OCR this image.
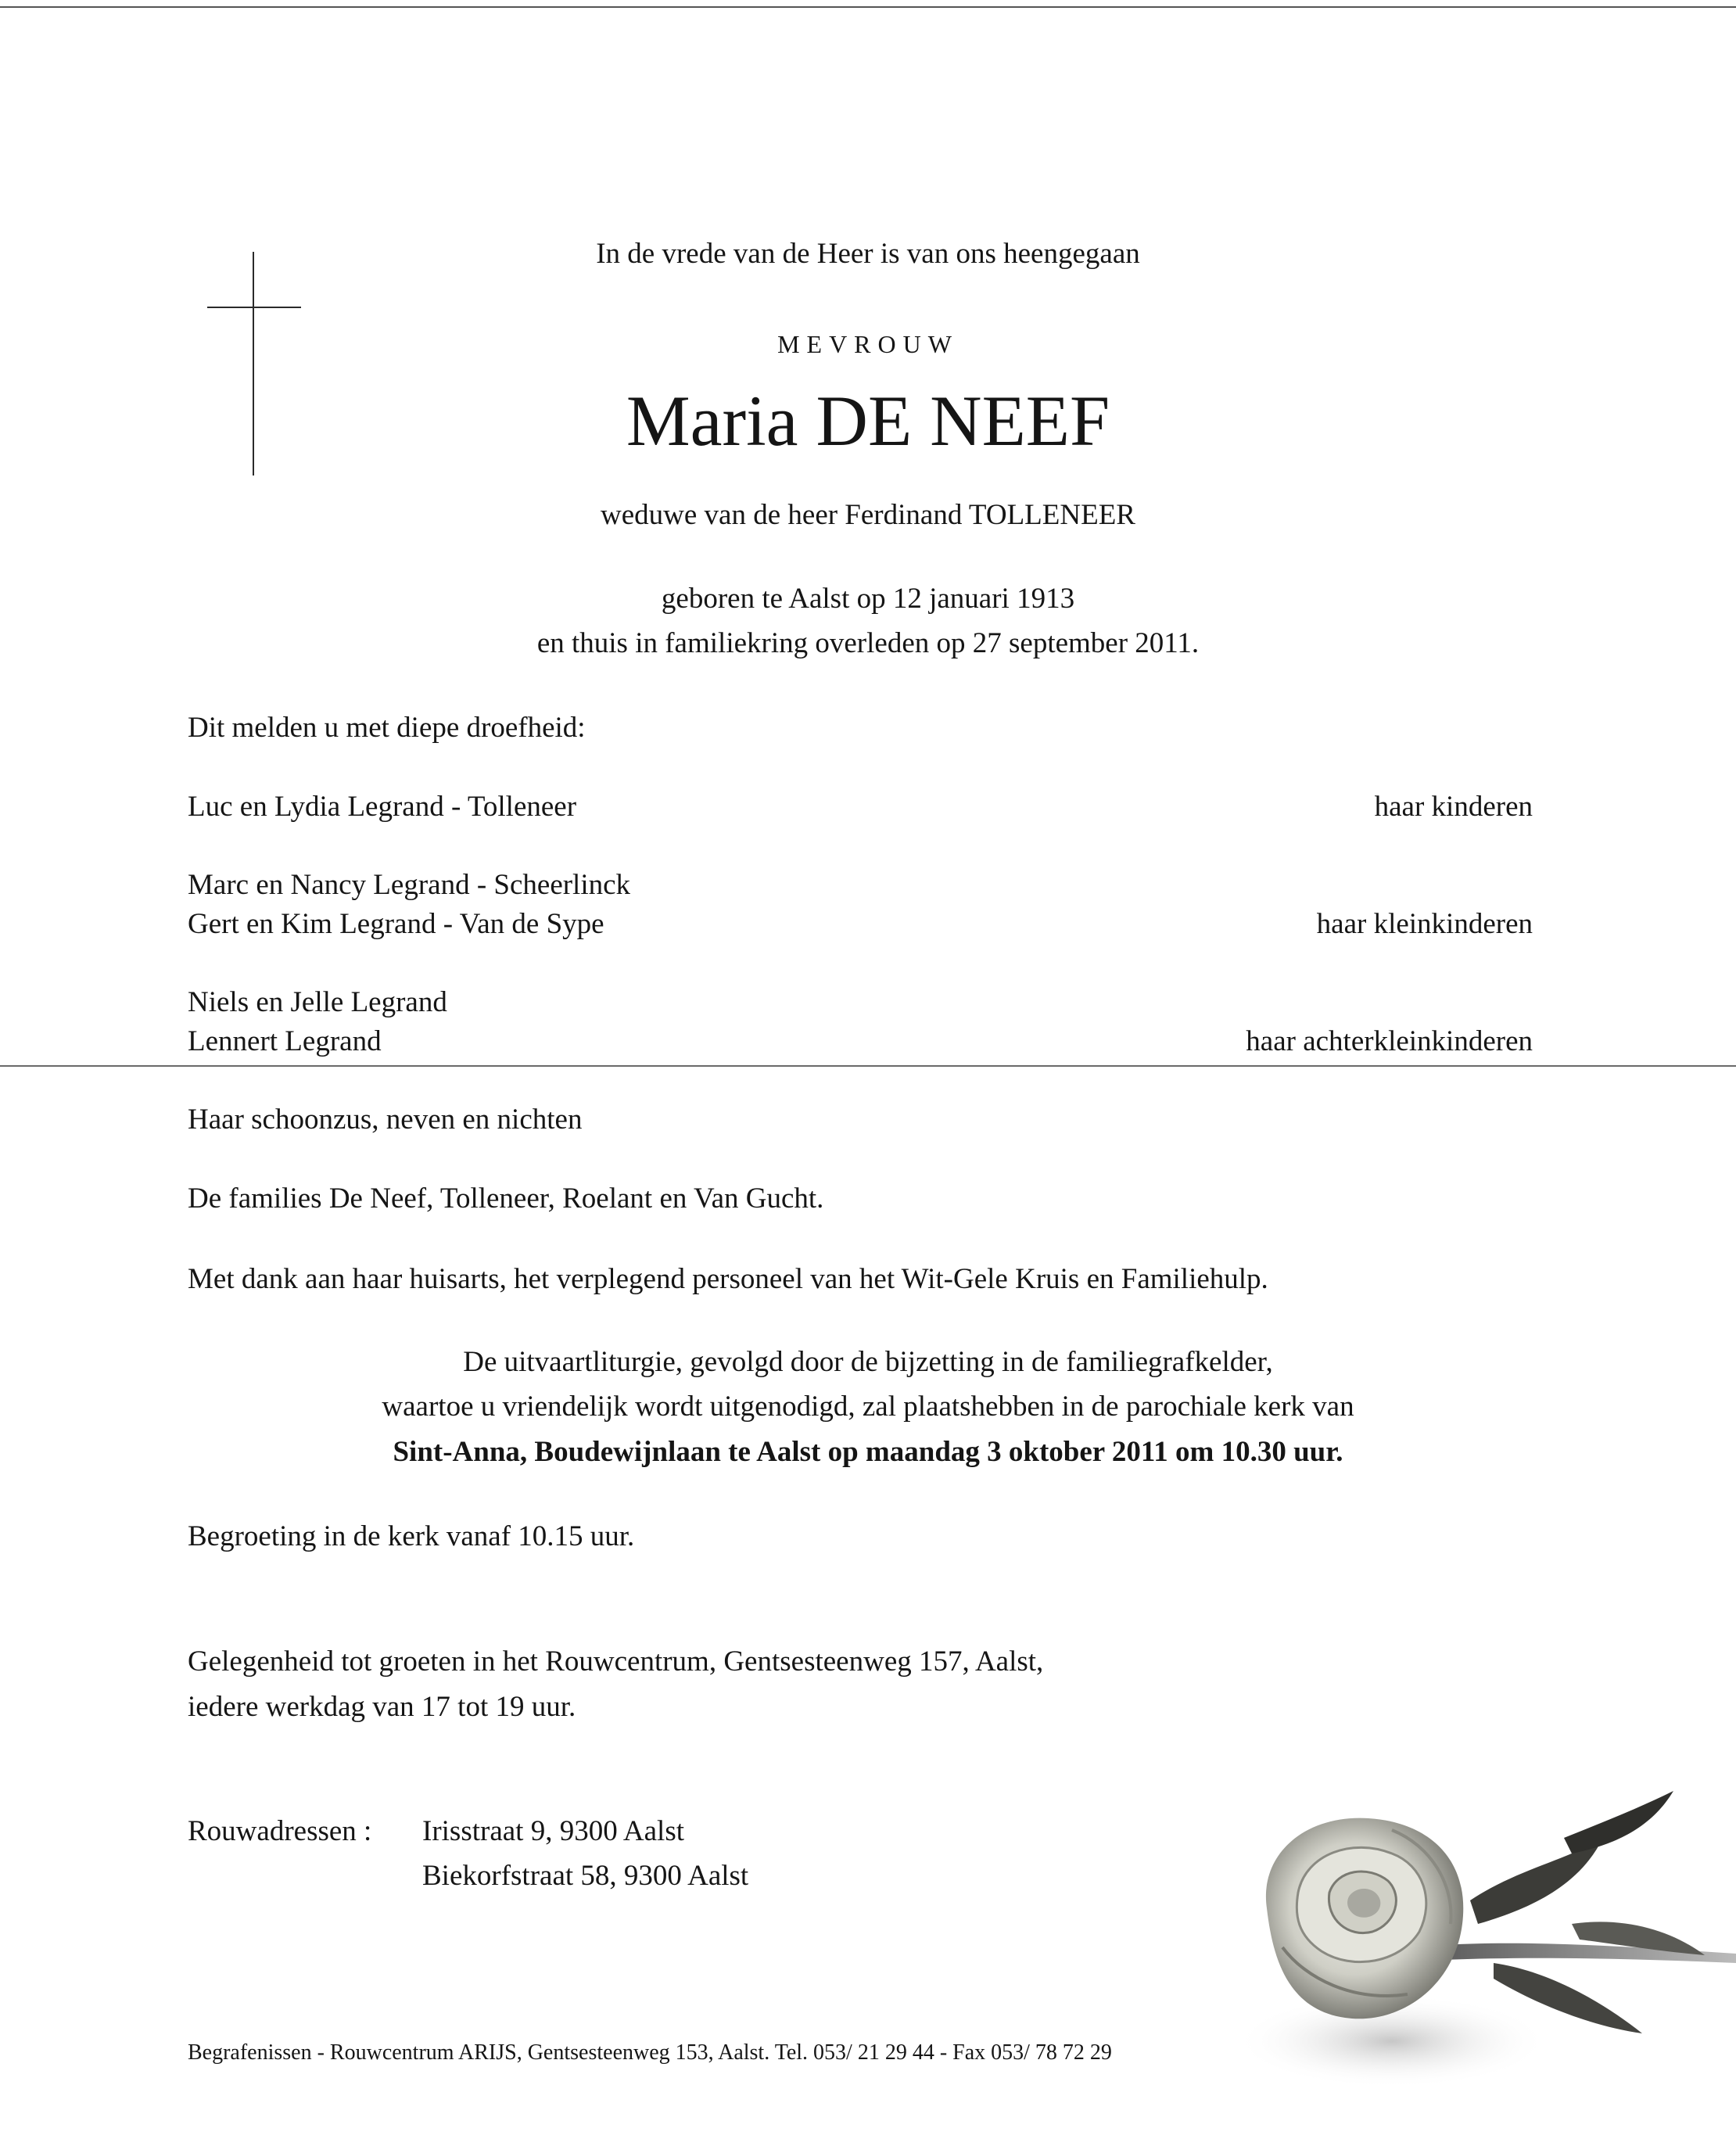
In de vrede van de Heer is van ons heengegaan
MEVROUW
Maria DE NEEF
weduwe van de heer Ferdinand TOLLENEER
geboren te Aalst op 12 januari 1913
en thuis in familiekring overleden op 27 september 2011.
Dit melden u met diepe droefheid:
Luc en Lydia Legrand - Tolleneer	haar kinderen
Marc en Nancy Legrand - Scheerlinck
Gert en Kim Legrand - Van de Sype	haar kleinkinderen
Niels en Jelle Legrand
Lennert Legrand	haar achterkleinkinderen
Haar schoonzus, neven en nichten
De families De Neef, Tolleneer, Roelant en Van Gucht.
Met dank aan haar huisarts, het verplegend personeel van het Wit-Gele Kruis en Familiehulp.
De uitvaartliturgie, gevolgd door de bijzetting in de familiegrafkelder,
waartoe u vriendelijk wordt uitgenodigd, zal plaatshebben in de parochiale kerk van
Sint-Anna, Boudewijnlaan te Aalst op maandag 3 oktober 2011 om 10.30 uur.
Begroeting in de kerk vanaf 10.15 uur.
Gelegenheid tot groeten in het Rouwcentrum, Gentsesteenweg 157, Aalst,
iedere werkdag van 17 tot 19 uur.
Rouwadressen : Irisstraat 9, 9300 Aalst
Biekorfstraat 58, 9300 Aalst
Begrafenissen - Rouwcentrum ARIJS, Gentsesteenweg 153, Aalst. Tel. 053/ 21 29 44 - Fax 053/ 78 72 29
